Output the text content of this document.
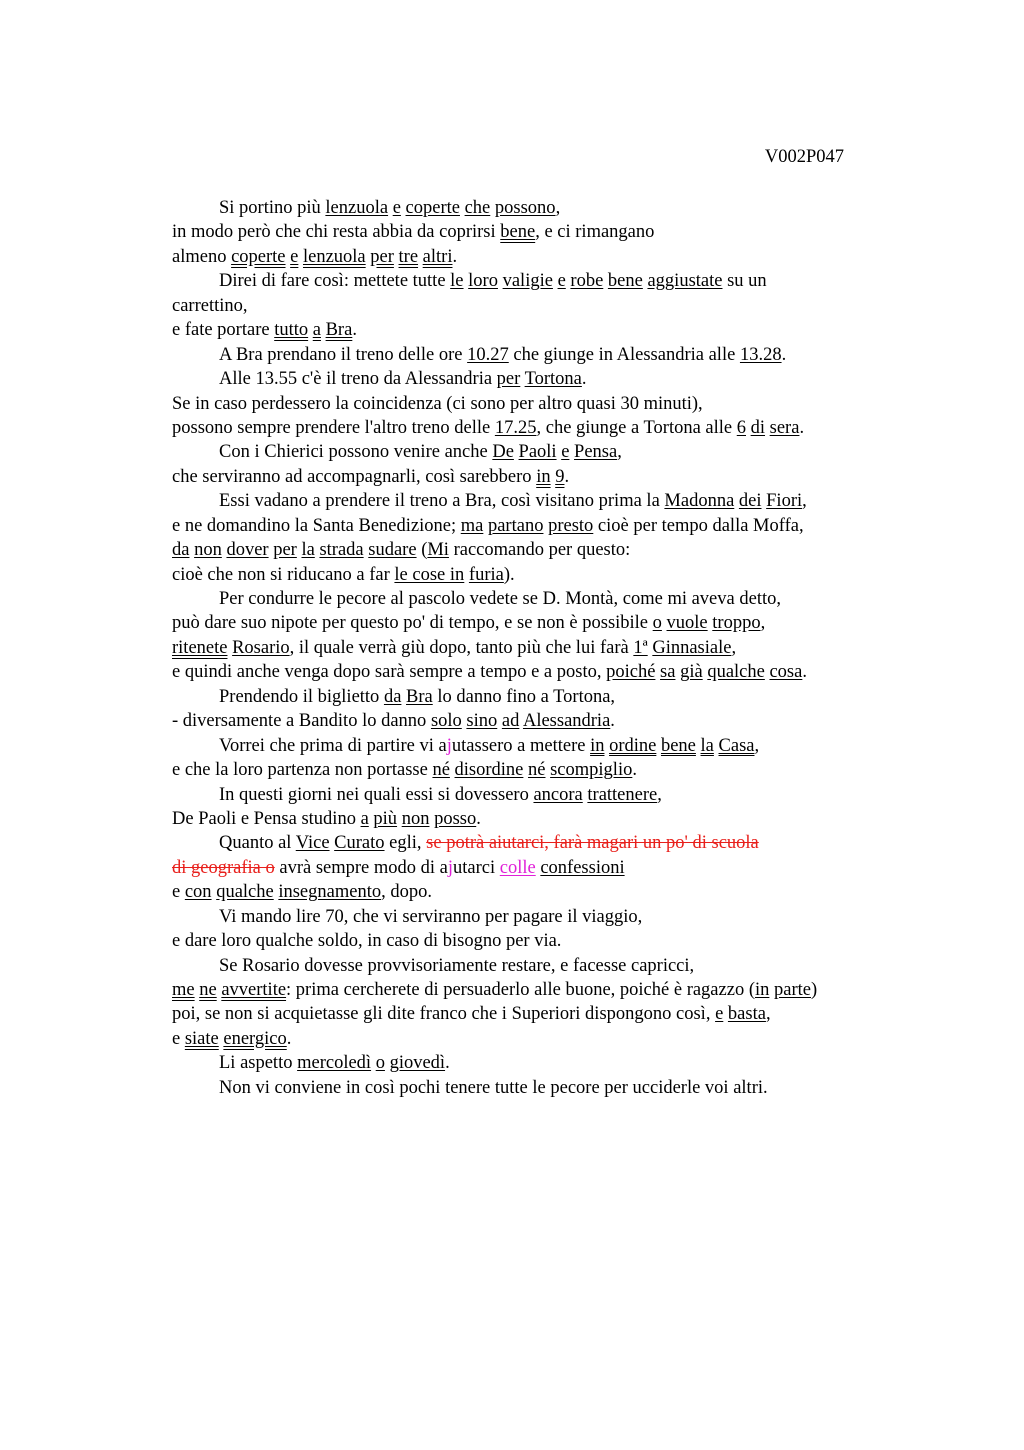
V002P047
Si portino più lenzuola e coperte che possono,
in modo però che chi resta abbia da coprirsi bene, e ci rimangano
almeno coperte e lenzuola per tre altri.
Direi di fare così: mettete tutte le loro valigie e robe bene aggiustate su un
carrettino,
e fate portare tutto a Bra.
A Bra prendano il treno delle ore 10.27 che giunge in Alessandria alle 13.28.
Alle 13.55 c'è il treno da Alessandria per Tortona.
Se in caso perdessero la coincidenza (ci sono per altro quasi 30 minuti),
possono sempre prendere l'altro treno delle 17.25, che giunge a Tortona alle 6 di sera.
Con i Chierici possono venire anche De Paoli e Pensa,
che serviranno ad accompagnarli, così sarebbero in 9.
Essi vadano a prendere il treno a Bra, così visitano prima la Madonna dei Fiori,
e ne domandino la Santa Benedizione; ma partano presto cioè per tempo dalla Moffa,
da non dover per la strada sudare (Mi raccomando per questo:
cioè che non si riducano a far le cose in furia).
Per condurre le pecore al pascolo vedete se D. Montà, come mi aveva detto,
può dare suo nipote per questo po' di tempo, e se non è possibile o vuole troppo,
ritenete Rosario, il quale verrà giù dopo, tanto più che lui farà 1ª Ginnasiale,
e quindi anche venga dopo sarà sempre a tempo e a posto, poiché sa già qualche cosa.
Prendendo il biglietto da Bra lo danno fino a Tortona,
- diversamente a Bandito lo danno solo sino ad Alessandria.
Vorrei che prima di partire vi ajutassero a mettere in ordine bene la Casa,
e che la loro partenza non portasse né disordine né scompiglio.
In questi giorni nei quali essi si dovessero ancora trattenere,
De Paoli e Pensa studino a più non posso.
Quanto al Vice Curato egli, se potrà aiutarci, farà magari un po' di scuola
di geografia o avrà sempre modo di ajutarci colle confessioni
e con qualche insegnamento, dopo.
Vi mando lire 70, che vi serviranno per pagare il viaggio,
e dare loro qualche soldo, in caso di bisogno per via.
Se Rosario dovesse provvisoriamente restare, e facesse capricci,
me ne avvertite: prima cercherete di persuaderlo alle buone, poiché è ragazzo (in parte)
poi, se non si acquietasse gli dite franco che i Superiori dispongono così, e basta,
e siate energico.
Li aspetto mercoledì o giovedì.
Non vi conviene in così pochi tenere tutte le pecore per ucciderle voi altri.
